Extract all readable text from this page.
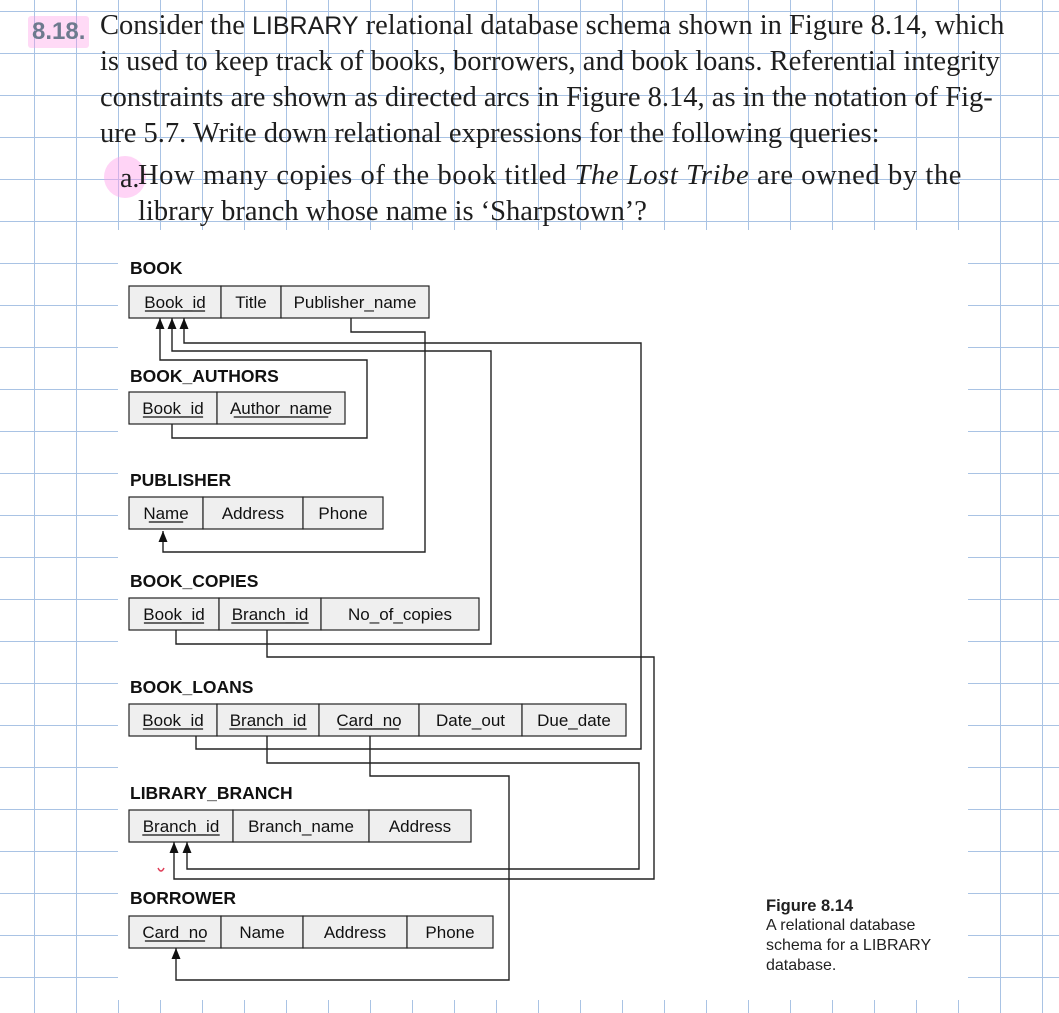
8.18. Consider the LIBRARY relational database schema shown in Figure 8.14, which
is used to keep track of books, borrowers, and book loans. Referential integrity
constraints are shown as directed arcs in Figure 8.14, as in the notation of Fig-
ure 5.7. Write down relational expressions for the following queries:
a.
How many copies of the book titled The Lost Tribe are owned by the
library branch whose name is ‘Sharpstown’?
BOOK
Book_id Title Publisher_name
BOOK_AUTHORS
Book_id Author_name
PUBLISHER
Name Address Phone
BOOK_COPIES
Book_id Branch_id No_of_copies
BOOK_LOANS
Book_id Branch_id Card_no Date_out Due_date
LIBRARY_BRANCH
Branch_id Branch_name Address
BORROWER
Card_no Name Address Phone
Figure 8.14
A relational database schema for a LIBRARY database.
